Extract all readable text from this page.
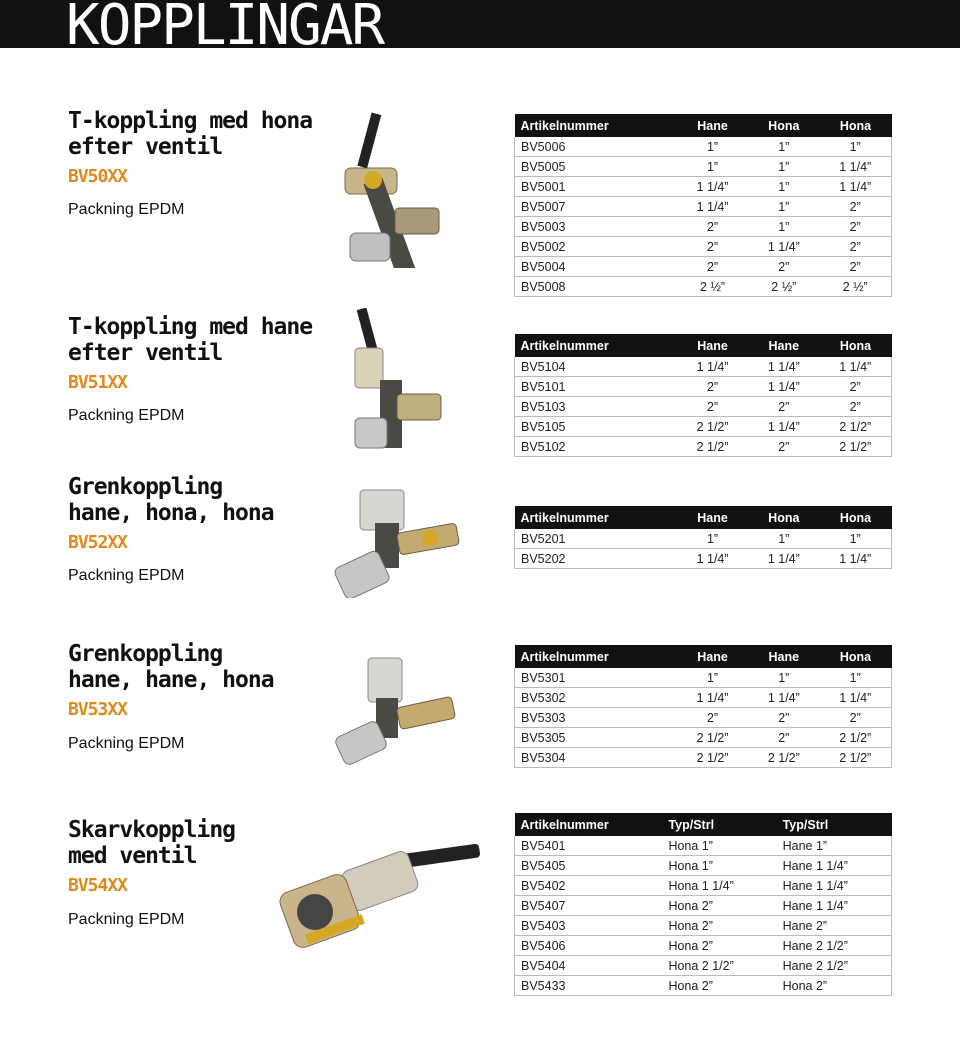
KOPPLINGAR
T-koppling med hona
efter ventil
BV50XX
Packning EPDM
Artikelnummer	Hane	Hona	Hona
BV5006	1”	1”	1”
BV5005	1”	1”	1 1/4”
BV5001	1 1/4”	1”	1 1/4”
BV5007	1 1/4”	1”	2”
BV5003	2”	1”	2”
BV5002	2”	1 1/4”	2”
BV5004	2”	2”	2”
BV5008	2 ½”	2 ½”	2 ½”
T-koppling med hane
efter ventil
BV51XX
Packning EPDM
Artikelnummer	Hane	Hane	Hona
BV5104	1 1/4”	1 1/4”	1 1/4”
BV5101	2”	1 1/4”	2”
BV5103	2”	2”	2”
BV5105	2 1/2”	1 1/4”	2 1/2”
BV5102	2 1/2”	2”	2 1/2”
Grenkoppling
hane, hona, hona
BV52XX
Packning EPDM
Artikelnummer	Hane	Hona	Hona
BV5201	1”	1”	1”
BV5202	1 1/4”	1 1/4”	1 1/4”
Grenkoppling
hane, hane, hona
BV53XX
Packning EPDM
Artikelnummer	Hane	Hane	Hona
BV5301	1”	1”	1”
BV5302	1 1/4”	1 1/4”	1 1/4”
BV5303	2”	2”	2”
BV5305	2 1/2”	2”	2 1/2”
BV5304	2 1/2”	2 1/2”	2 1/2”
Skarvkoppling
med ventil
BV54XX
Packning EPDM
Artikelnummer	Typ/Strl	Typ/Strl
BV5401	Hona 1”	Hane 1”
BV5405	Hona 1”	Hane 1 1/4”
BV5402	Hona 1 1/4”	Hane 1 1/4”
BV5407	Hona 2”	Hane 1 1/4”
BV5403	Hona 2”	Hane 2”
BV5406	Hona 2”	Hane 2 1/2”
BV5404	Hona 2 1/2”	Hane 2 1/2”
BV5433	Hona 2”	Hona 2”
